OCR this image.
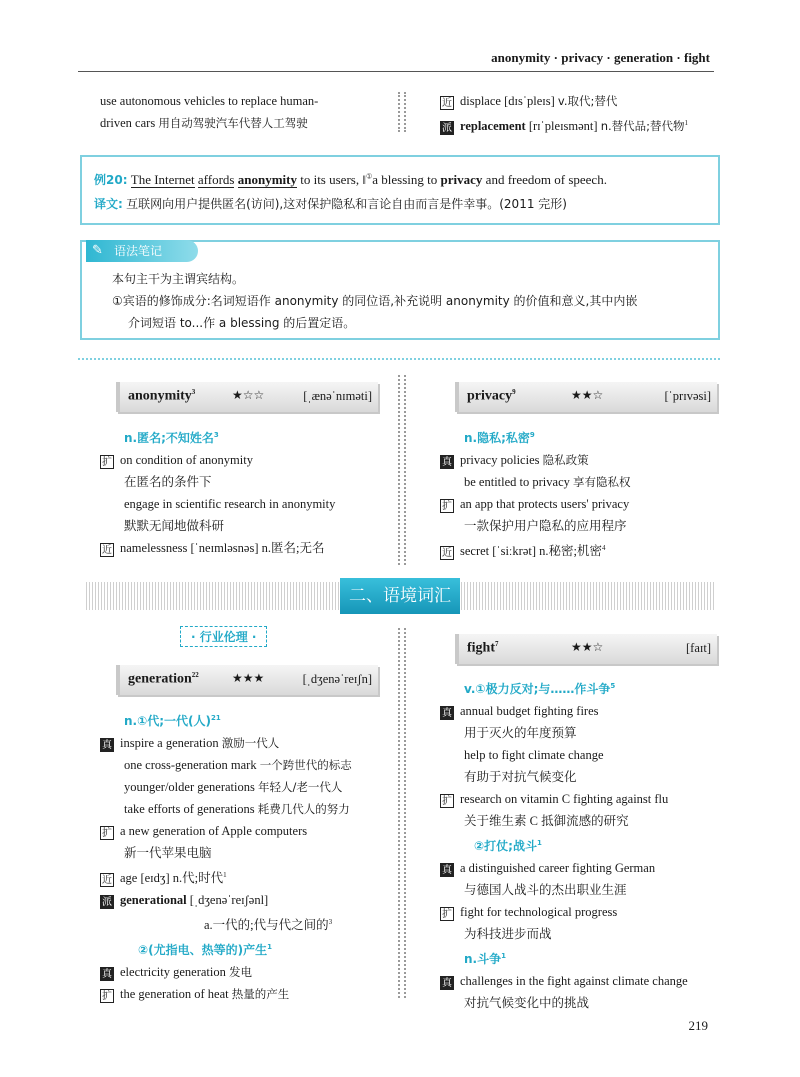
anonymity · privacy · generation · fight
use autonomous vehicles to replace human-
driven cars 用自动驾驶汽车代替人工驾驶
近 displace [dɪsˈpleɪs] v.取代;替代
派 replacement [rɪˈpleɪsmənt] n.替代品;替代物$^1$
例20: The Internet affords anonymity to its users, ‖①a blessing to privacy and freedom of speech.
译文: 互联网向用户提供匿名(访问),这对保护隐私和言论自由而言是件幸事。(2011 完形)
✎ 语法笔记
本句主干为主谓宾结构。
①宾语的修饰成分:名词短语作 anonymity 的同位语,补充说明 anonymity 的价值和意义,其中内嵌
介词短语 to...作 a blessing 的后置定语。
anonymity$^3$	★☆☆	[ˌænəˈnɪməti]
n.匿名;不知姓名$^3$
扩 on condition of anonymity
在匿名的条件下
engage in scientific research in anonymity
默默无闻地做科研
近 namelessness [ˈneɪmləsnəs] n.匿名;无名
privacy$^9$	★★☆	[ˈprɪvəsi]
n.隐私;私密$^9$
真 privacy policies 隐私政策
be entitled to privacy 享有隐私权
扩 an app that protects users' privacy
一款保护用户隐私的应用程序
近 secret [ˈsiːkrət] n.秘密;机密$^4$
二、语境词汇
· 行业伦理 ·
generation$^{22}$	★★★	[ˌdʒenəˈreɪʃn]
n.①代;一代(人)$^{21}$
真 inspire a generation 激励一代人
one cross-generation mark 一个跨世代的标志
younger/older generations 年轻人/老一代人
take efforts of generations 耗费几代人的努力
扩 a new generation of Apple computers
新一代苹果电脑
近 age [eɪdʒ] n.代;时代$^1$
派 generational [ˌdʒenəˈreɪʃənl]
a.一代的;代与代之间的$^3$
②(尤指电、热等的)产生$^1$
真 electricity generation 发电
扩 the generation of heat 热量的产生
fight$^7$	★★☆	[faɪt]
v.①极力反对;与……作斗争$^5$
真 annual budget fighting fires
用于灭火的年度预算
help to fight climate change
有助于对抗气候变化
扩 research on vitamin C fighting against flu
关于维生素 C 抵御流感的研究
②打仗;战斗$^1$
真 a distinguished career fighting German
与德国人战斗的杰出职业生涯
扩 fight for technological progress
为科技进步而战
n.斗争$^1$
真 challenges in the fight against climate change
对抗气候变化中的挑战
219
